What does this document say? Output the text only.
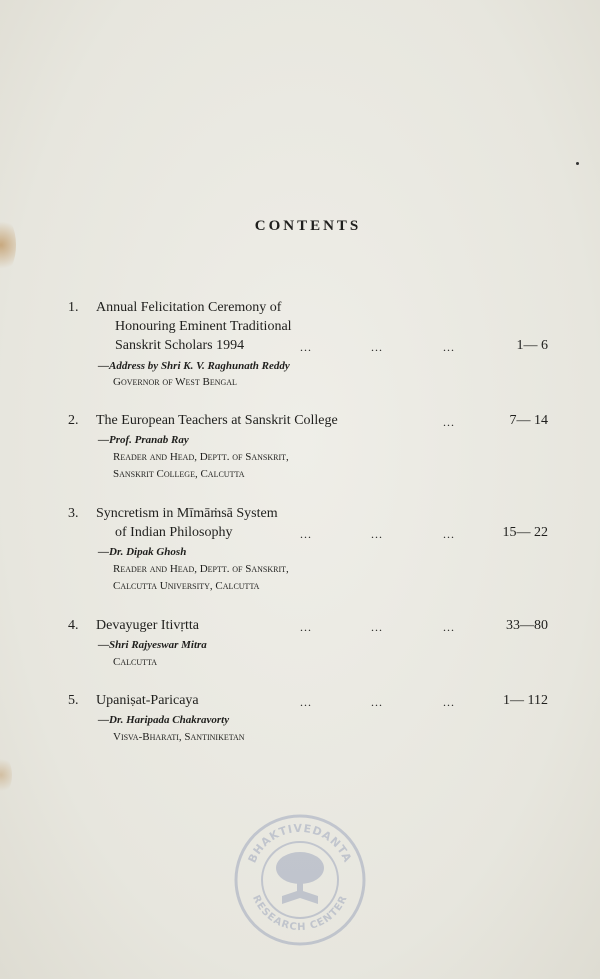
CONTENTS
1. Annual Felicitation Ceremony of
Honouring Eminent Traditional
Sanskrit Scholars 1994	...	...	...	1— 6
—Address by Shri K. V. Raghunath Reddy
Governor of West Bengal
2. The European Teachers at Sanskrit College	...	7— 14
—Prof. Pranab Ray
Reader and Head, Deptt. of Sanskrit,
Sanskrit College, Calcutta
3. Syncretism in Mīmāṁsā System
of Indian Philosophy	...	...	...	15— 22
—Dr. Dipak Ghosh
Reader and Head, Deptt. of Sanskrit,
Calcutta University, Calcutta
4. Devayuger Itivṛtta	...	...	...	33—80
—Shri Rajyeswar Mitra
Calcutta
5. Upaniṣat-Paricaya	...	...	...	1— 112
—Dr. Haripada Chakravorty
Visva-Bharati, Santiniketan
BHAKTIVEDANTA
RESEARCH CENTER
